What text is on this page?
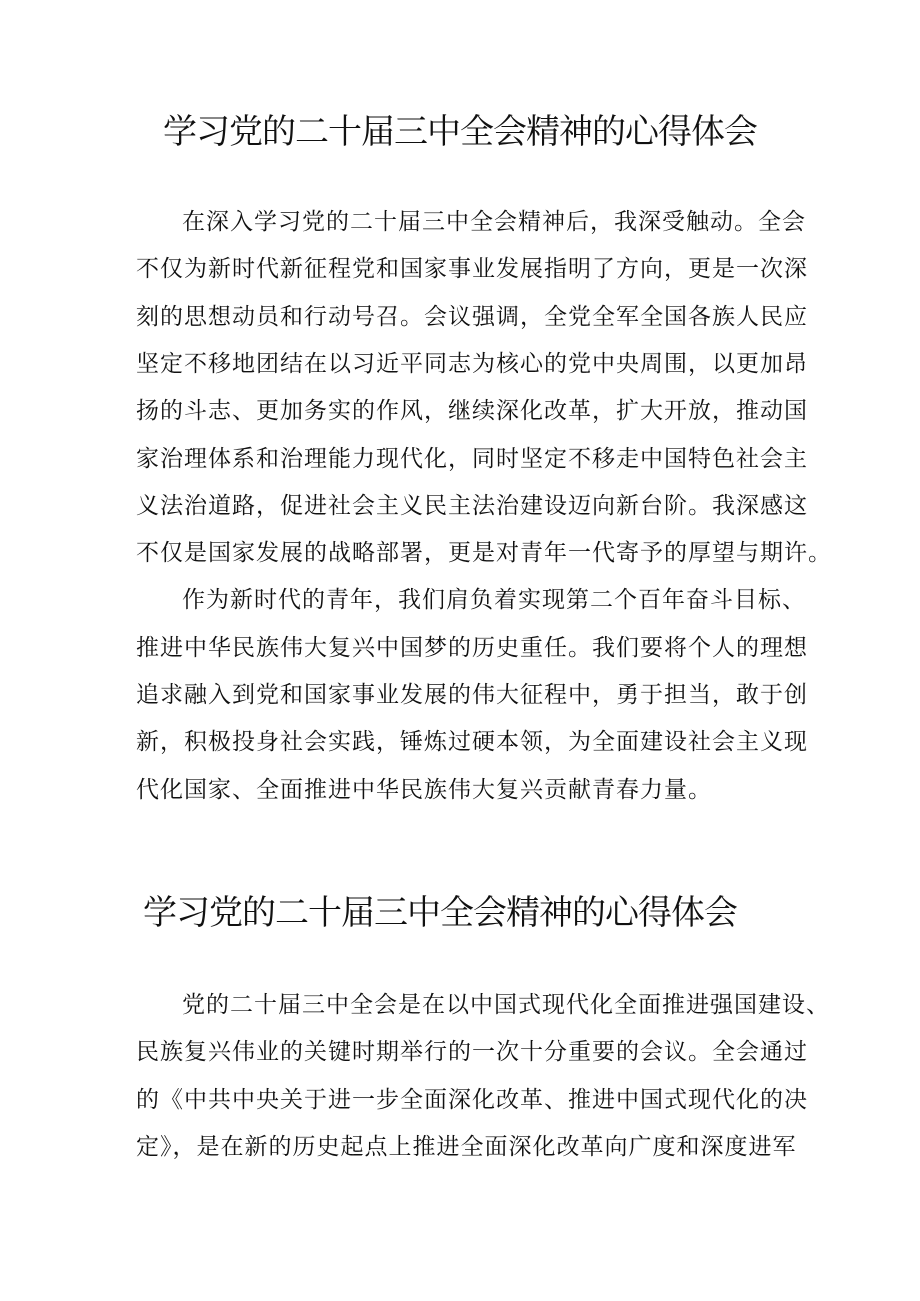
学习党的二十届三中全会精神的心得体会

在深入学习党的二十届三中全会精神后，我深受触动。全会

不仅为新时代新征程党和国家事业发展指明了方向，更是一次深

刻的思想动员和行动号召。会议强调，全党全军全国各族人民应

坚定不移地团结在以习近平同志为核心的党中央周围，以更加昂

扬的斗志、更加务实的作风，继续深化改革，扩大开放，推动国

家治理体系和治理能力现代化，同时坚定不移走中国特色社会主

义法治道路，促进社会主义民主法治建设迈向新台阶。我深感这

不仅是国家发展的战略部署，更是对青年一代寄予的厚望与期许。

作为新时代的青年，我们肩负着实现第二个百年奋斗目标、

推进中华民族伟大复兴中国梦的历史重任。我们要将个人的理想

追求融入到党和国家事业发展的伟大征程中，勇于担当，敢于创

新，积极投身社会实践，锤炼过硬本领，为全面建设社会主义现

代化国家、全面推进中华民族伟大复兴贡献青春力量。

学习党的二十届三中全会精神的心得体会

党的二十届三中全会是在以中国式现代化全面推进强国建设、

民族复兴伟业的关键时期举行的一次十分重要的会议。全会通过

的《中共中央关于进一步全面深化改革、推进中国式现代化的决

定》，是在新的历史起点上推进全面深化改革向广度和深度进军
